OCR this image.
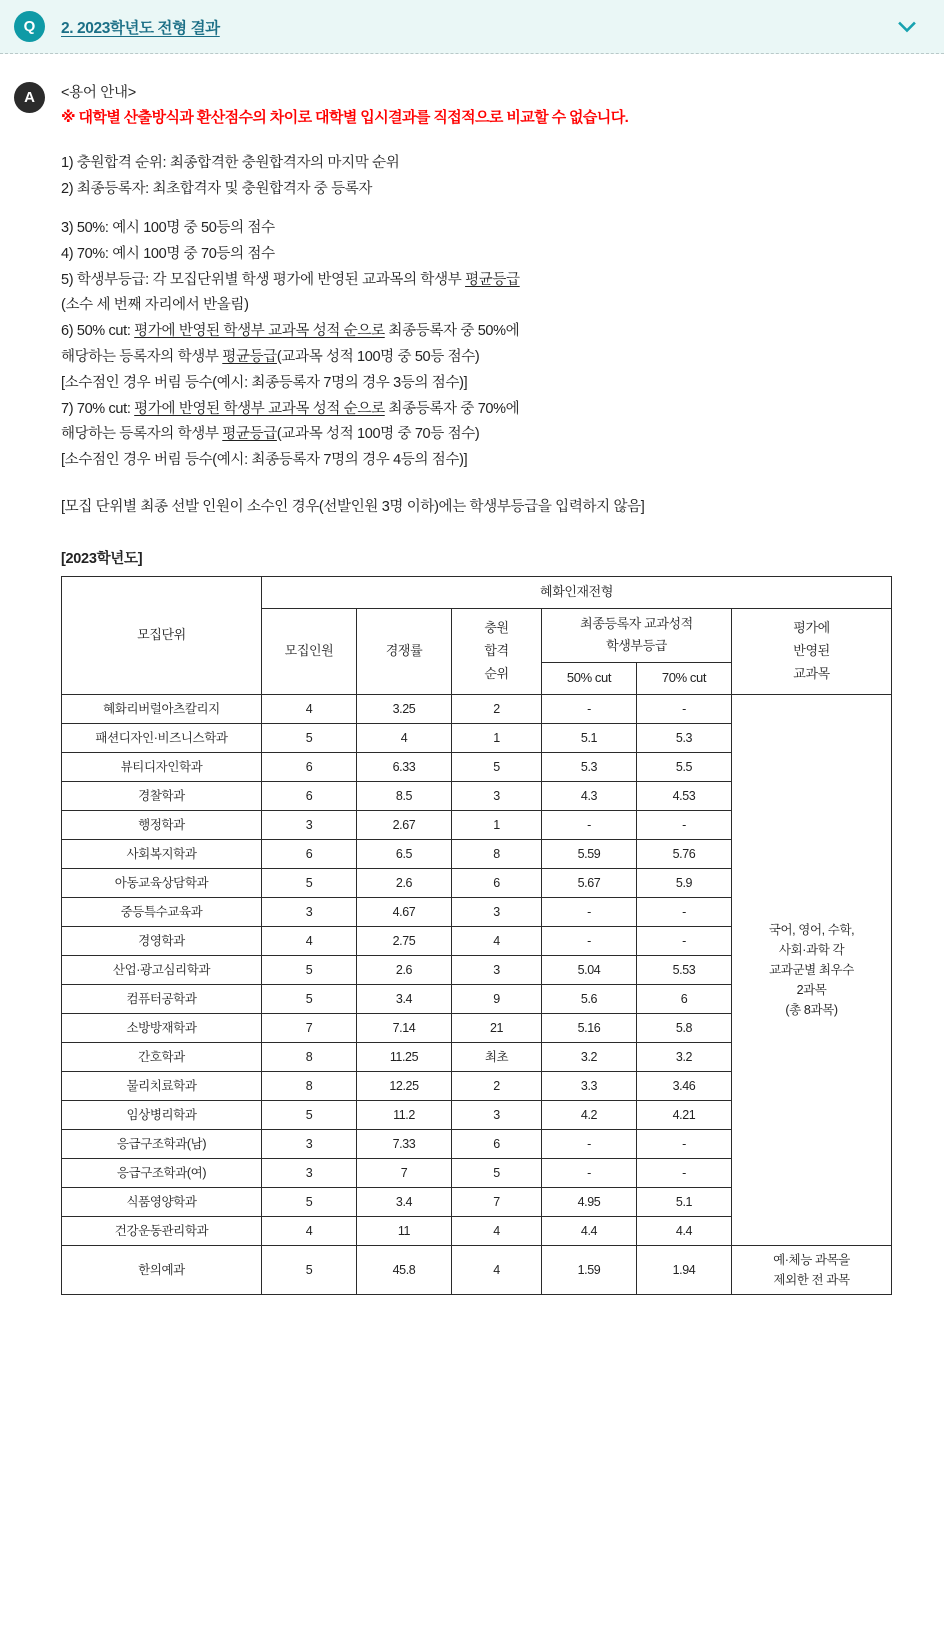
Q	2. 2023학년도 전형 결과
A	<용어 안내>
※ 대학별 산출방식과 환산점수의 차이로 대학별 입시결과를 직접적으로 비교할 수 없습니다.
1) 충원합격 순위: 최종합격한 충원합격자의 마지막 순위
2) 최종등록자: 최초합격자 및 충원합격자 중 등록자
3) 50%: 예시 100명 중 50등의 점수
4) 70%: 예시 100명 중 70등의 점수
5) 학생부등급: 각 모집단위별 학생 평가에 반영된 교과목의 학생부 평균등급
(소수 세 번째 자리에서 반올림)
6) 50% cut: 평가에 반영된 학생부 교과목 성적 순으로 최종등록자 중 50%에
해당하는 등록자의 학생부 평균등급(교과목 성적 100명 중 50등 점수)
[소수점인 경우 버림 등수(예시: 최종등록자 7명의 경우 3등의 점수)]
7) 70% cut: 평가에 반영된 학생부 교과목 성적 순으로 최종등록자 중 70%에
해당하는 등록자의 학생부 평균등급(교과목 성적 100명 중 70등 점수)
[소수점인 경우 버림 등수(예시: 최종등록자 7명의 경우 4등의 점수)]
[모집 단위별 최종 선발 인원이 소수인 경우(선발인원 3명 이하)에는 학생부등급을 입력하지 않음]
[2023학년도]
모집단위	혜화인재전형					
	모집인원	경쟁률	충원
합격
순위	최종등록자 교과성적
학생부등급		평가에
반영된
교과목
				50% cut	70% cut	
혜화리버럴아츠칼리지	4	3.25	2	-	-	국어, 영어, 수학,
사회·과학 각
교과군별 최우수
2과목
(총 8과목)
패션디자인·비즈니스학과	5	4	1	5.1	5.3	
뷰티디자인학과	6	6.33	5	5.3	5.5	
경찰학과	6	8.5	3	4.3	4.53	
행정학과	3	2.67	1	-	-	
사회복지학과	6	6.5	8	5.59	5.76	
아동교육상담학과	5	2.6	6	5.67	5.9	
중등특수교육과	3	4.67	3	-	-	
경영학과	4	2.75	4	-	-	
산업·광고심리학과	5	2.6	3	5.04	5.53	
컴퓨터공학과	5	3.4	9	5.6	6	
소방방재학과	7	7.14	21	5.16	5.8	
간호학과	8	11.25	최초	3.2	3.2	
물리치료학과	8	12.25	2	3.3	3.46	
임상병리학과	5	11.2	3	4.2	4.21	
응급구조학과(남)	3	7.33	6	-	-	
응급구조학과(여)	3	7	5	-	-	
식품영양학과	5	3.4	7	4.95	5.1	
건강운동관리학과	4	11	4	4.4	4.4	
한의예과	5	45.8	4	1.59	1.94	예·체능 과목을
제외한 전 과목
